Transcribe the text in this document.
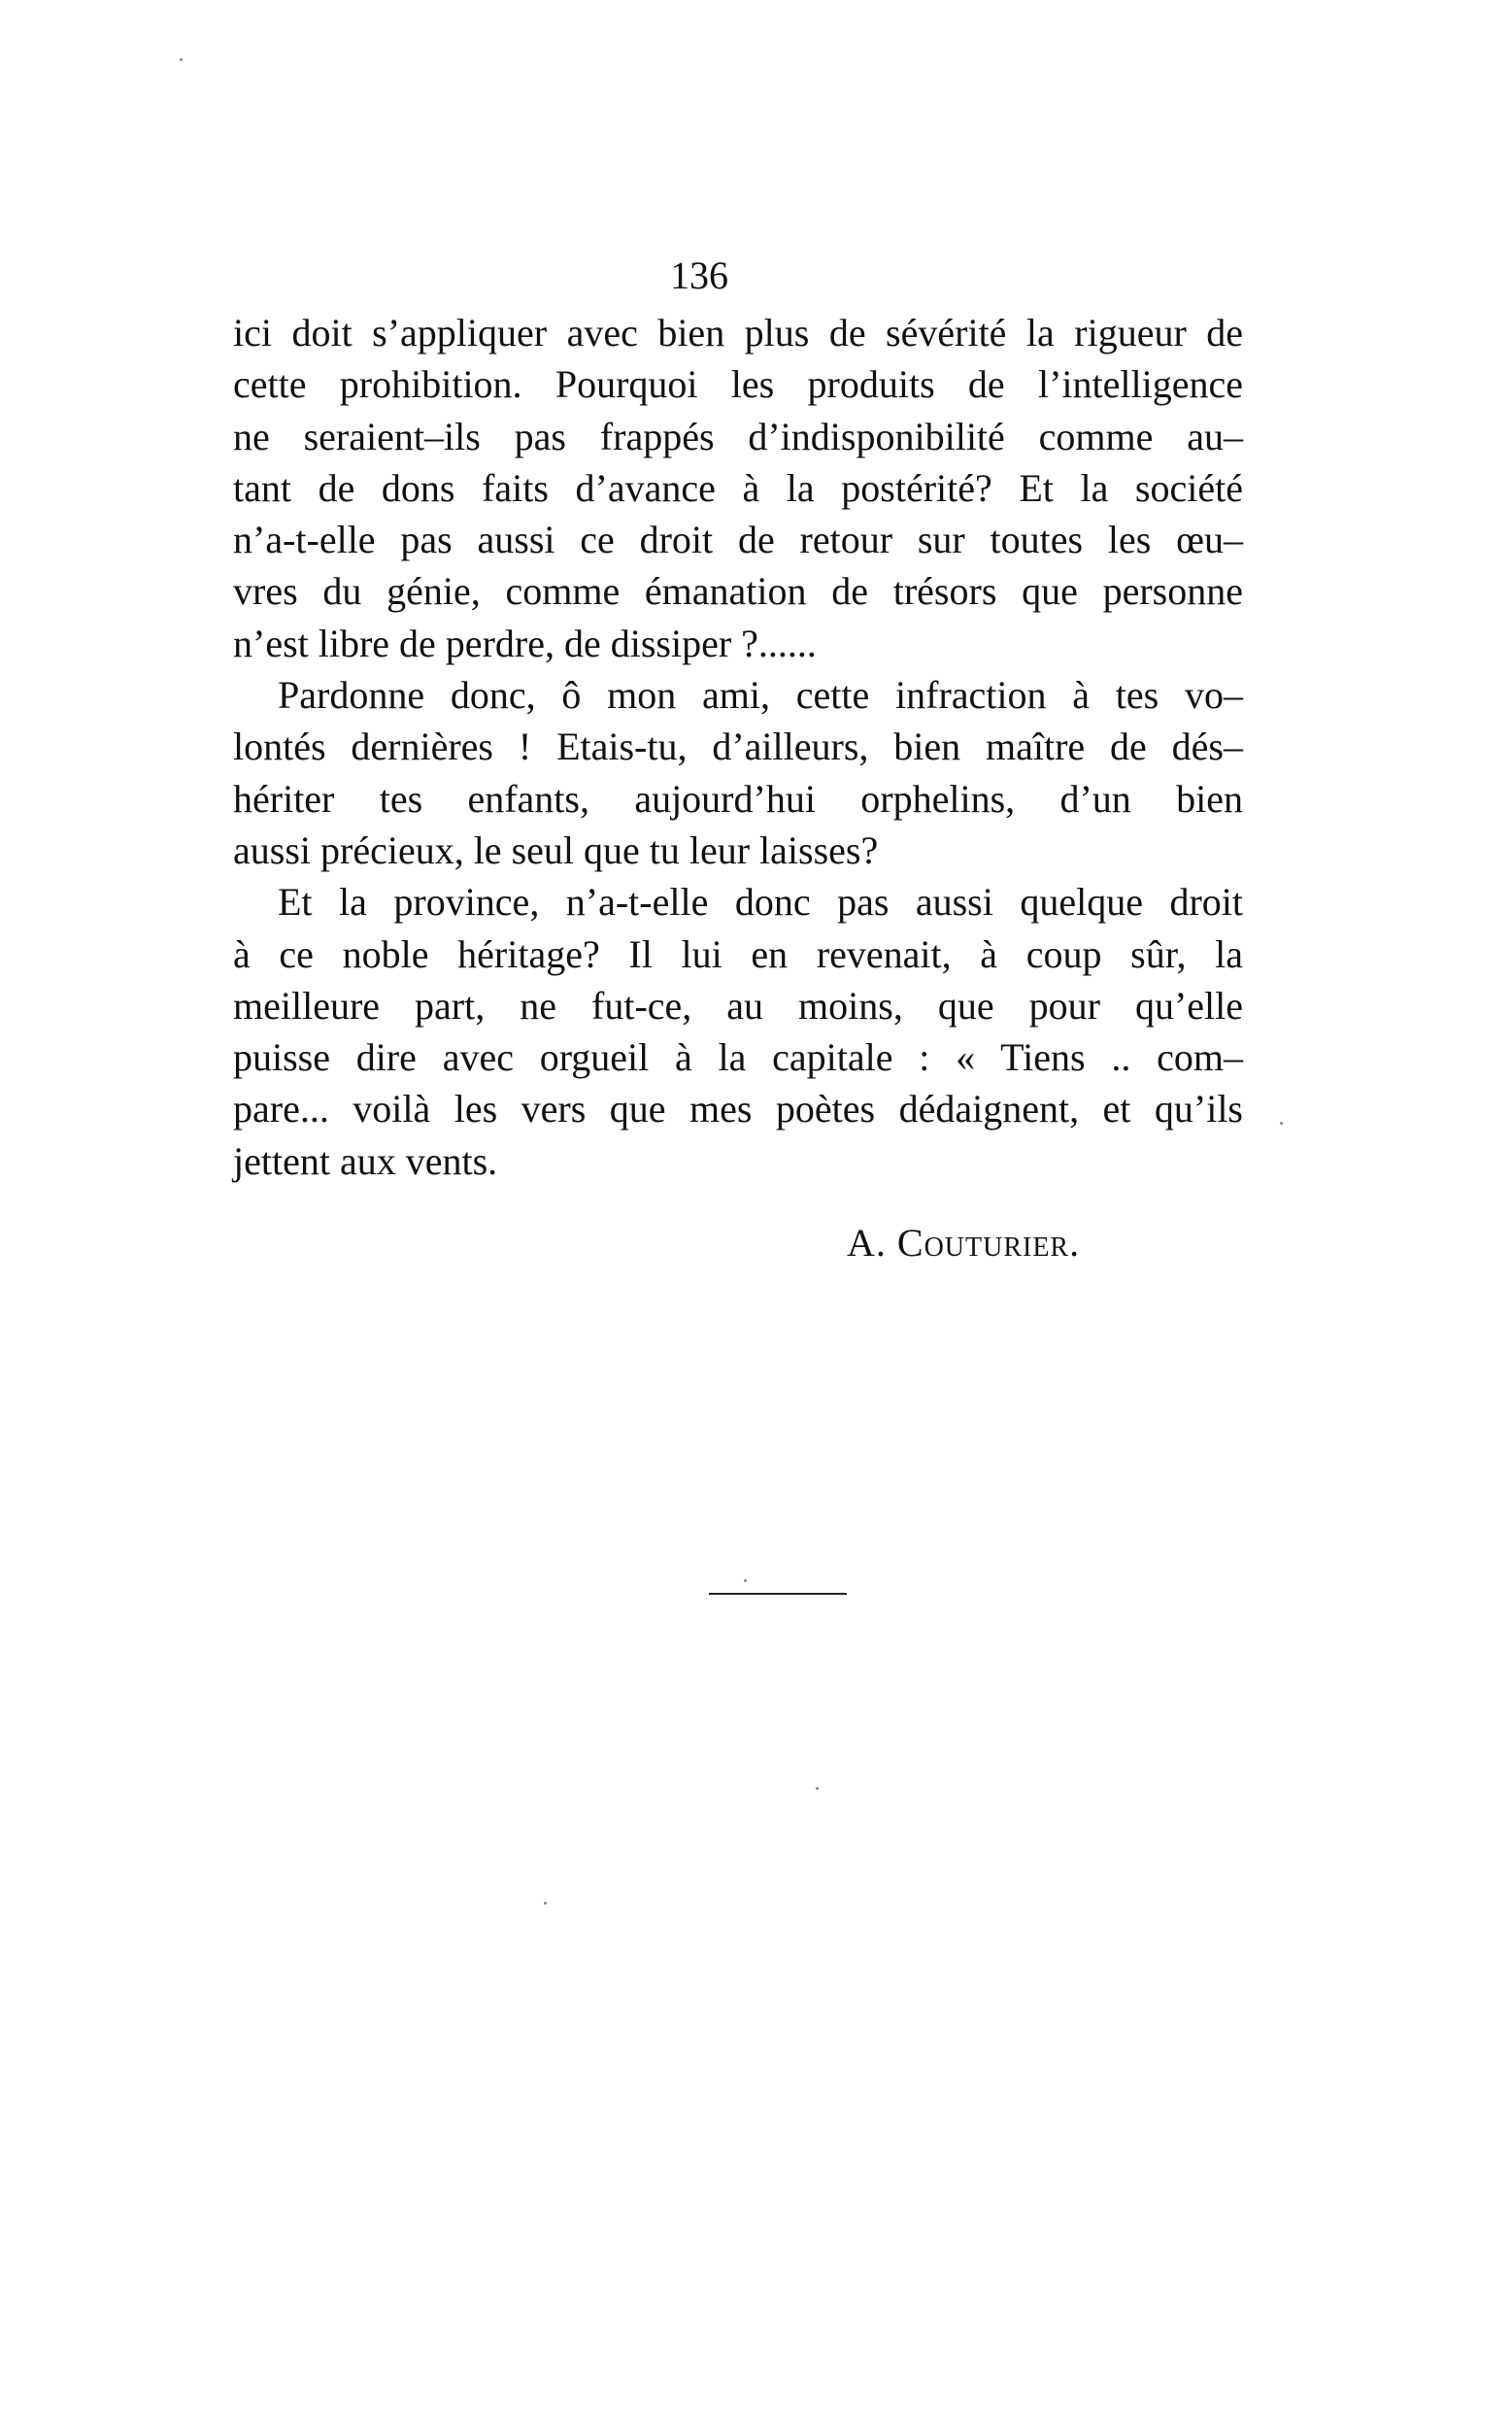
136
ici doit s’appliquer avec bien plus de sévérité la rigueur de
cette prohibition. Pourquoi les produits de l’intelligence
ne seraient–ils pas frappés d’indisponibilité comme au–
tant de dons faits d’avance à la postérité? Et la société
n’a-t-elle pas aussi ce droit de retour sur toutes les œu–
vres du génie, comme émanation de trésors que personne
n’est libre de perdre, de dissiper ?......
Pardonne donc, ô mon ami, cette infraction à tes vo–
lontés dernières ! Etais-tu, d’ailleurs, bien maître de dés–
hériter tes enfants, aujourd’hui orphelins, d’un bien
aussi précieux, le seul que tu leur laisses?
Et la province, n’a-t-elle donc pas aussi quelque droit
à ce noble héritage? Il lui en revenait, à coup sûr, la
meilleure part, ne fut-ce, au moins, que pour qu’elle
puisse dire avec orgueil à la capitale : « Tiens .. com–
pare... voilà les vers que mes poètes dédaignent, et qu’ils
jettent aux vents.
A. Couturier.
